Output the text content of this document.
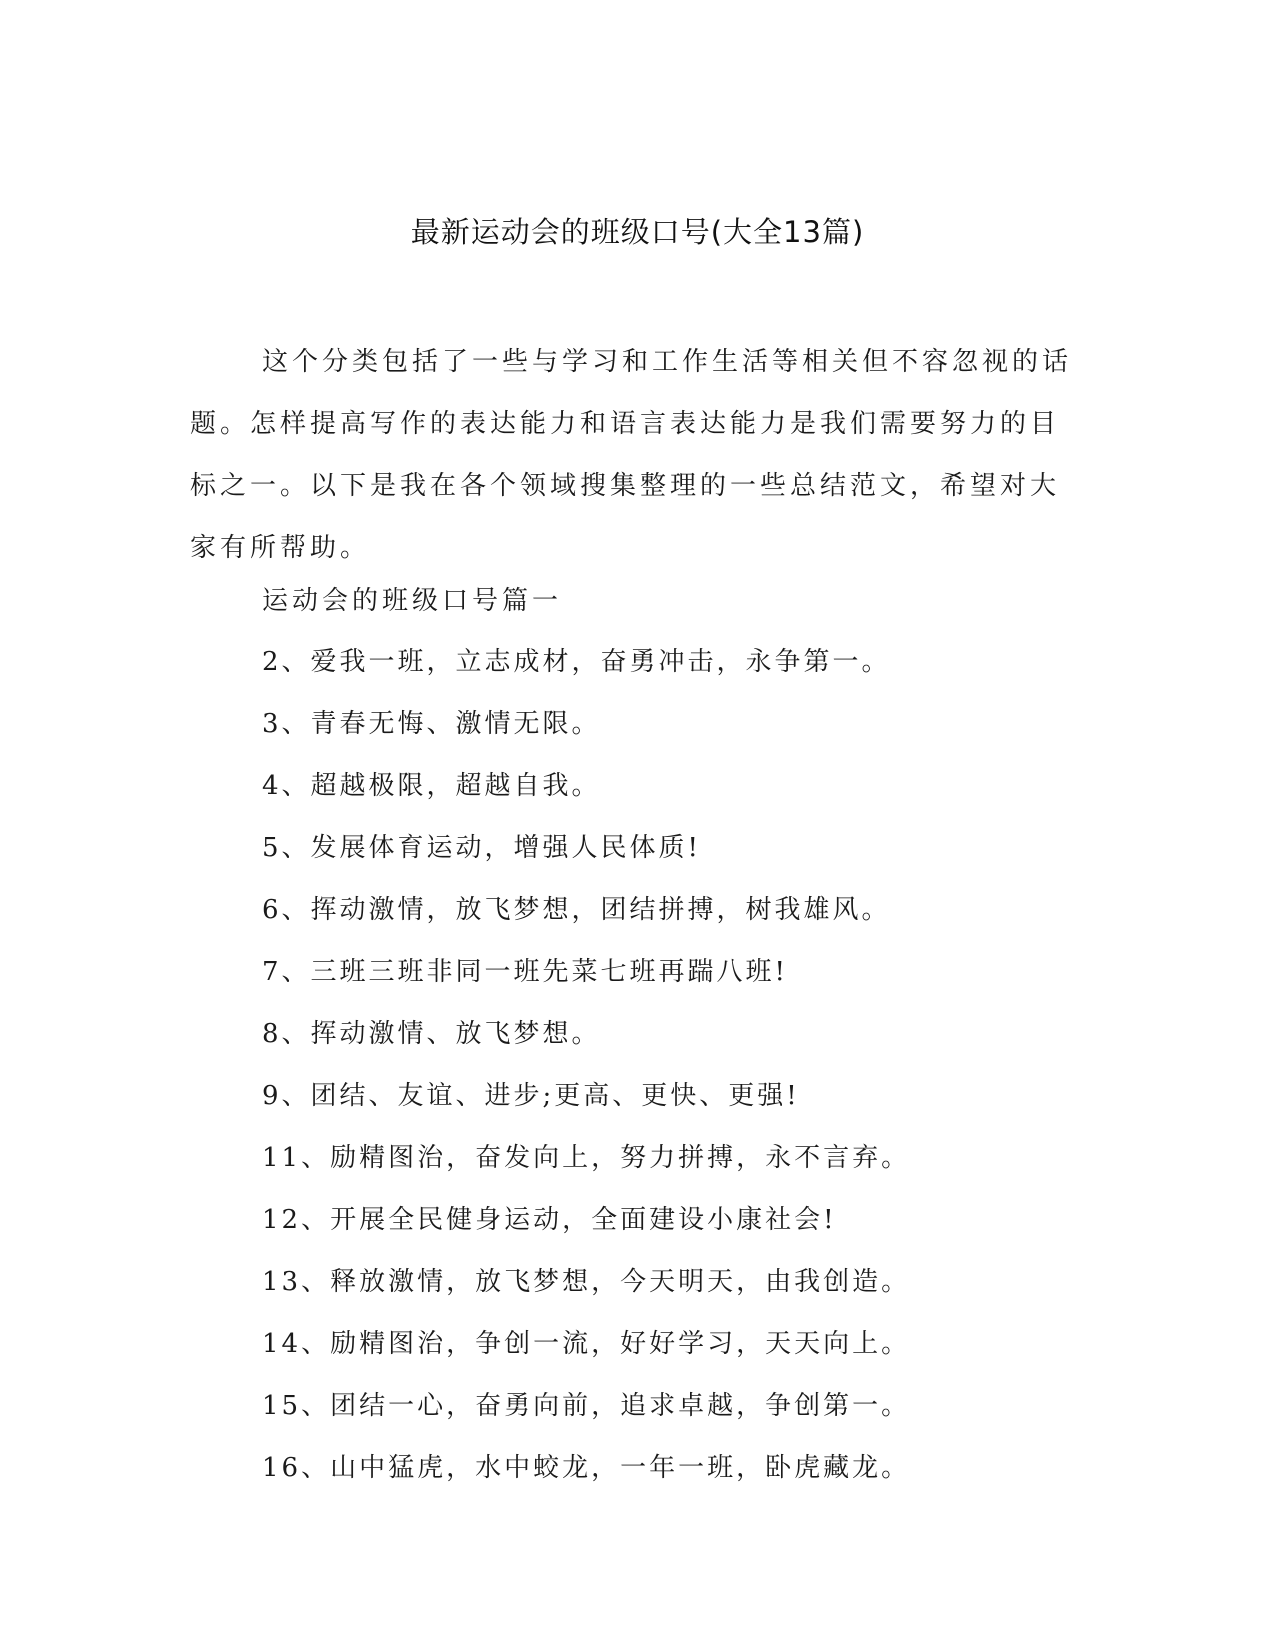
最新运动会的班级口号(大全13篇)

这个分类包括了一些与学习和工作生活等相关但不容忽视的话题。怎样提高写作的表达能力和语言表达能力是我们需要努力的目标之一。以下是我在各个领域搜集整理的一些总结范文，希望对大家有所帮助。

运动会的班级口号篇一
2、爱我一班，立志成材，奋勇冲击，永争第一。
3、青春无悔、激情无限。
4、超越极限，超越自我。
5、发展体育运动，增强人民体质!
6、挥动激情，放飞梦想，团结拼搏，树我雄风。
7、三班三班非同一班先菜七班再踹八班!
8、挥动激情、放飞梦想。
9、团结、友谊、进步;更高、更快、更强!
11、励精图治，奋发向上，努力拼搏，永不言弃。
12、开展全民健身运动，全面建设小康社会!
13、释放激情，放飞梦想，今天明天，由我创造。
14、励精图治，争创一流，好好学习，天天向上。
15、团结一心，奋勇向前，追求卓越，争创第一。
16、山中猛虎，水中蛟龙，一年一班，卧虎藏龙。
